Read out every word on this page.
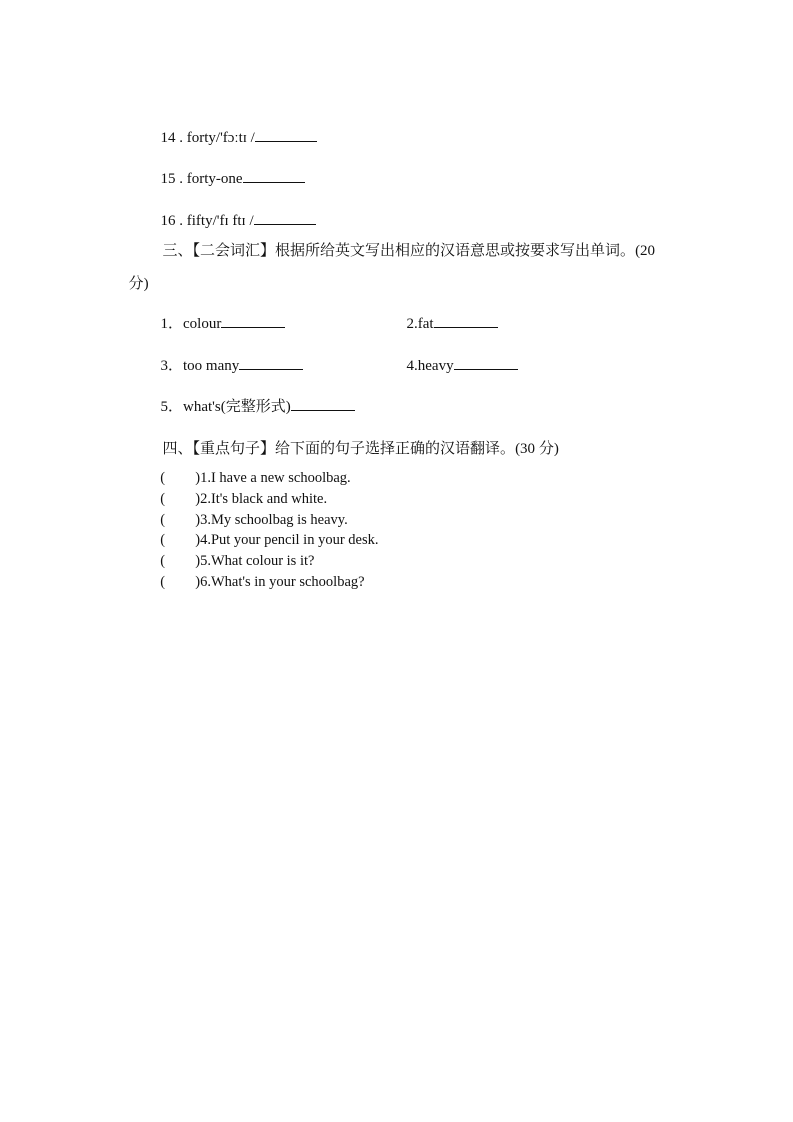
14 . forty/'fɔːtɪ /

15 . forty-one

16 . fifty/'fɪ ftɪ /

三、【二会词汇】根据所给英文写出相应的汉语意思或按要求写出单词。(20

分)

1．colour	2.fat

3．too many	4.heavy

5．what's(完整形式)

四、【重点句子】给下面的句子选择正确的汉语翻译。(30 分)

( )1.I have a new schoolbag.

( )2.It's black and white.

( )3.My schoolbag is heavy.

( )4.Put your pencil in your desk.

( )5.What colour is it?

( )6.What's in your schoolbag?
